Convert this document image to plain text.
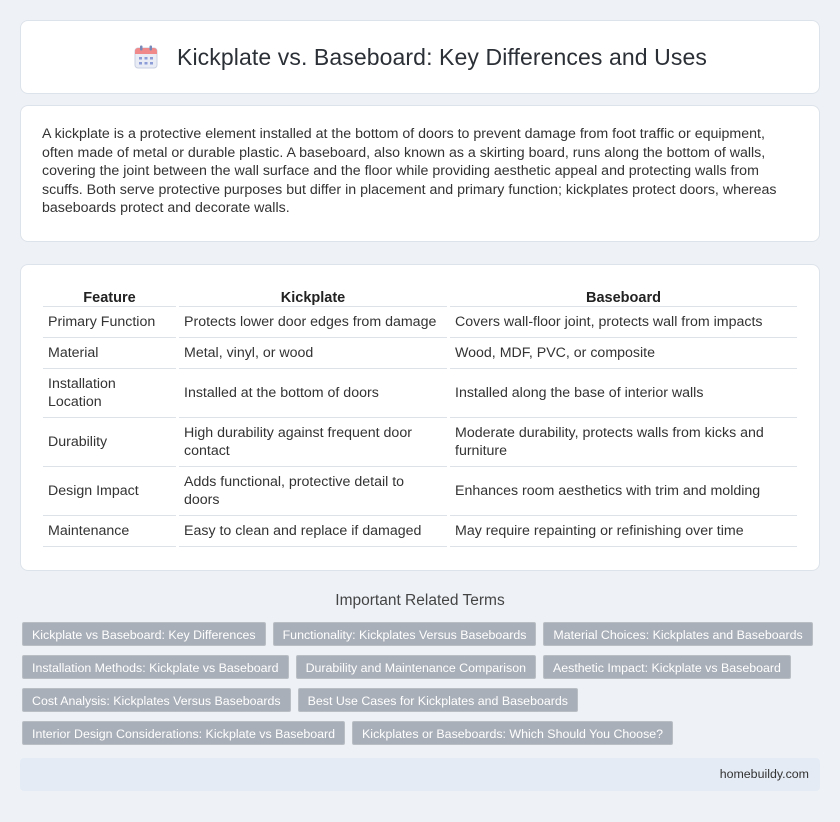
Kickplate vs. Baseboard: Key Differences and Uses

A kickplate is a protective element installed at the bottom of doors to prevent damage from foot traffic or equipment, often made of metal or durable plastic. A baseboard, also known as a skirting board, runs along the bottom of walls, covering the joint between the wall surface and the floor while providing aesthetic appeal and protecting walls from scuffs. Both serve protective purposes but differ in placement and primary function; kickplates protect doors, whereas baseboards protect and decorate walls.

Feature	Kickplate	Baseboard
Primary Function	Protects lower door edges from damage	Covers wall-floor joint, protects wall from impacts
Material	Metal, vinyl, or wood	Wood, MDF, PVC, or composite
Installation Location	Installed at the bottom of doors	Installed along the base of interior walls
Durability	High durability against frequent door contact	Moderate durability, protects walls from kicks and furniture
Design Impact	Adds functional, protective detail to doors	Enhances room aesthetics with trim and molding
Maintenance	Easy to clean and replace if damaged	May require repainting or refinishing over time
Important Related Terms
Kickplate vs Baseboard: Key Differences	Functionality: Kickplates Versus Baseboards	Material Choices: Kickplates and Baseboards
Installation Methods: Kickplate vs Baseboard	Durability and Maintenance Comparison	Aesthetic Impact: Kickplate vs Baseboard
Cost Analysis: Kickplates Versus Baseboards	Best Use Cases for Kickplates and Baseboards
Interior Design Considerations: Kickplate vs Baseboard	Kickplates or Baseboards: Which Should You Choose?
homebuildy.com
